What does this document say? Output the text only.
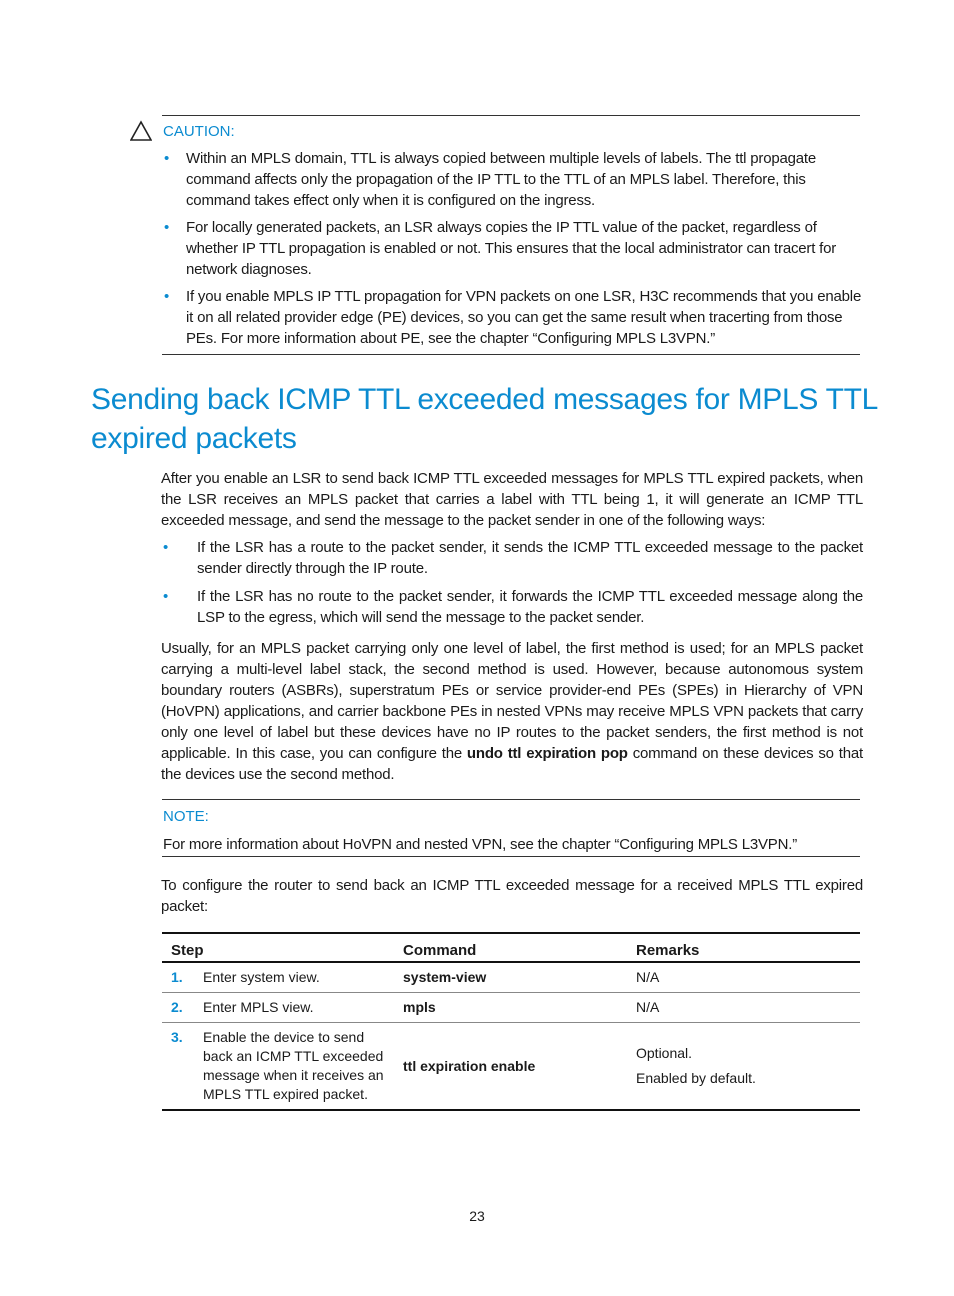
CAUTION:
• Within an MPLS domain, TTL is always copied between multiple levels of labels. The ttl propagate command affects only the propagation of the IP TTL to the TTL of an MPLS label. Therefore, this command takes effect only when it is configured on the ingress.
• For locally generated packets, an LSR always copies the IP TTL value of the packet, regardless of whether IP TTL propagation is enabled or not. This ensures that the local administrator can tracert for network diagnoses.
• If you enable MPLS IP TTL propagation for VPN packets on one LSR, H3C recommends that you enable it on all related provider edge (PE) devices, so you can get the same result when tracerting from those PEs. For more information about PE, see the chapter “Configuring MPLS L3VPN.”
Sending back ICMP TTL exceeded messages for MPLS TTL expired packets

After you enable an LSR to send back ICMP TTL exceeded messages for MPLS TTL expired packets, when the LSR receives an MPLS packet that carries a label with TTL being 1, it will generate an ICMP TTL exceeded message, and send the message to the packet sender in one of the following ways:

• If the LSR has a route to the packet sender, it sends the ICMP TTL exceeded message to the packet sender directly through the IP route.
• If the LSR has no route to the packet sender, it forwards the ICMP TTL exceeded message along the LSP to the egress, which will send the message to the packet sender.

Usually, for an MPLS packet carrying only one level of label, the first method is used; for an MPLS packet carrying a multi-level label stack, the second method is used. However, because autonomous system boundary routers (ASBRs), superstratum PEs or service provider-end PEs (SPEs) in Hierarchy of VPN (HoVPN) applications, and carrier backbone PEs in nested VPNs may receive MPLS VPN packets that carry only one level of label but these devices have no IP routes to the packet senders, the first method is not applicable. In this case, you can configure the undo ttl expiration pop command on these devices so that the devices use the second method.

NOTE:
For more information about HoVPN and nested VPN, see the chapter “Configuring MPLS L3VPN.”

To configure the router to send back an ICMP TTL exceeded message for a received MPLS TTL expired packet:

Step		Command	Remarks
1.	Enter system view.	system-view	N/A

2.	Enter MPLS view.	mpls	N/A

3.	Enable the device to send back an ICMP TTL exceeded message when it receives an MPLS TTL expired packet.	ttl expiration enable	Optional.
Enabled by default.
23
